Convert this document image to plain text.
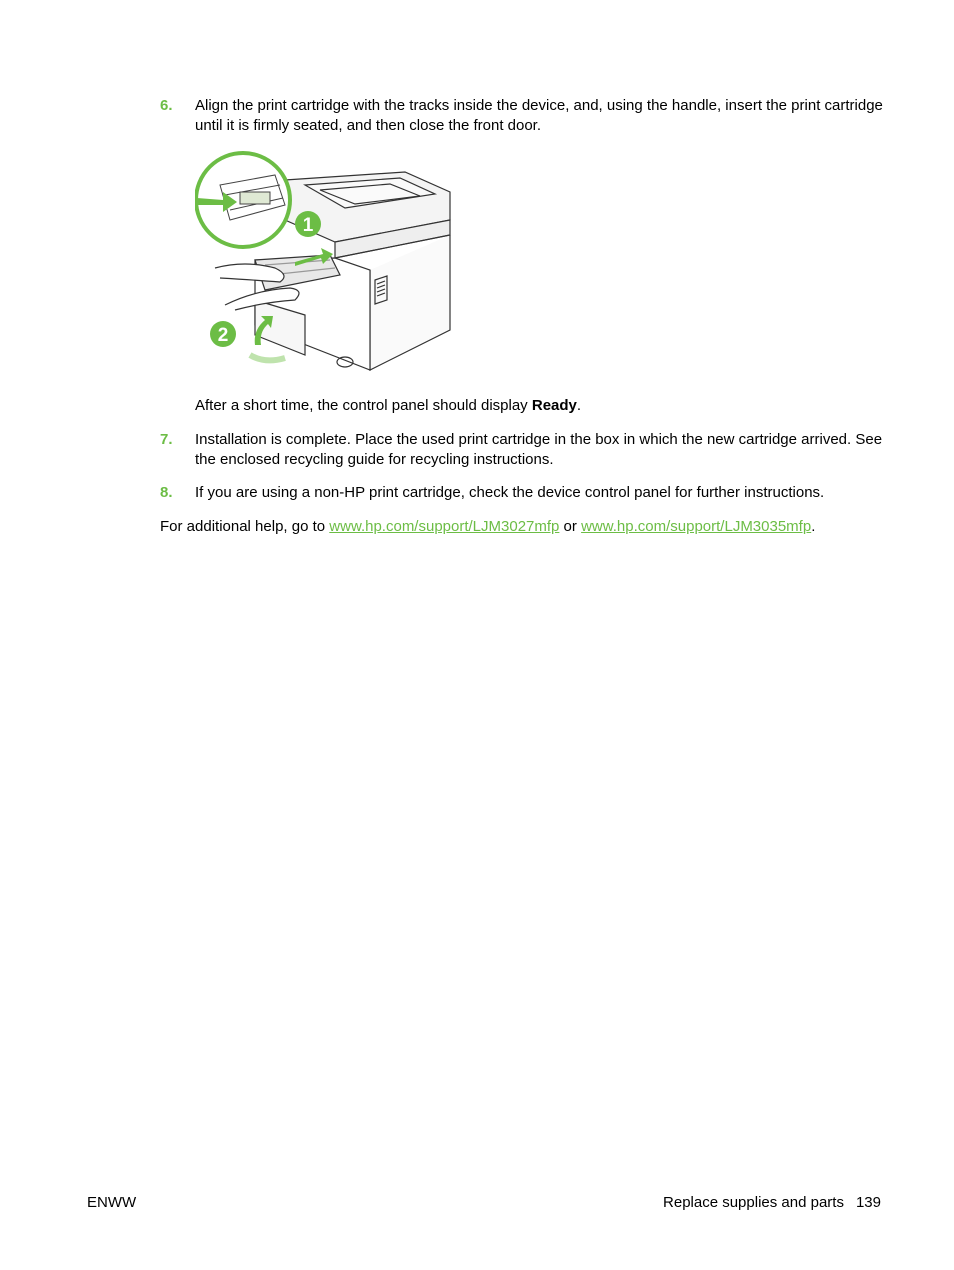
6. Align the print cartridge with the tracks inside the device, and, using the handle, insert the print cartridge until it is firmly seated, and then close the front door.
1
2
After a short time, the control panel should display Ready.
7. Installation is complete. Place the used print cartridge in the box in which the new cartridge arrived. See the enclosed recycling guide for recycling instructions.
8. If you are using a non-HP print cartridge, check the device control panel for further instructions.
For additional help, go to www.hp.com/support/LJM3027mfp or www.hp.com/support/LJM3035mfp.
ENWW	Replace supplies and parts 139
